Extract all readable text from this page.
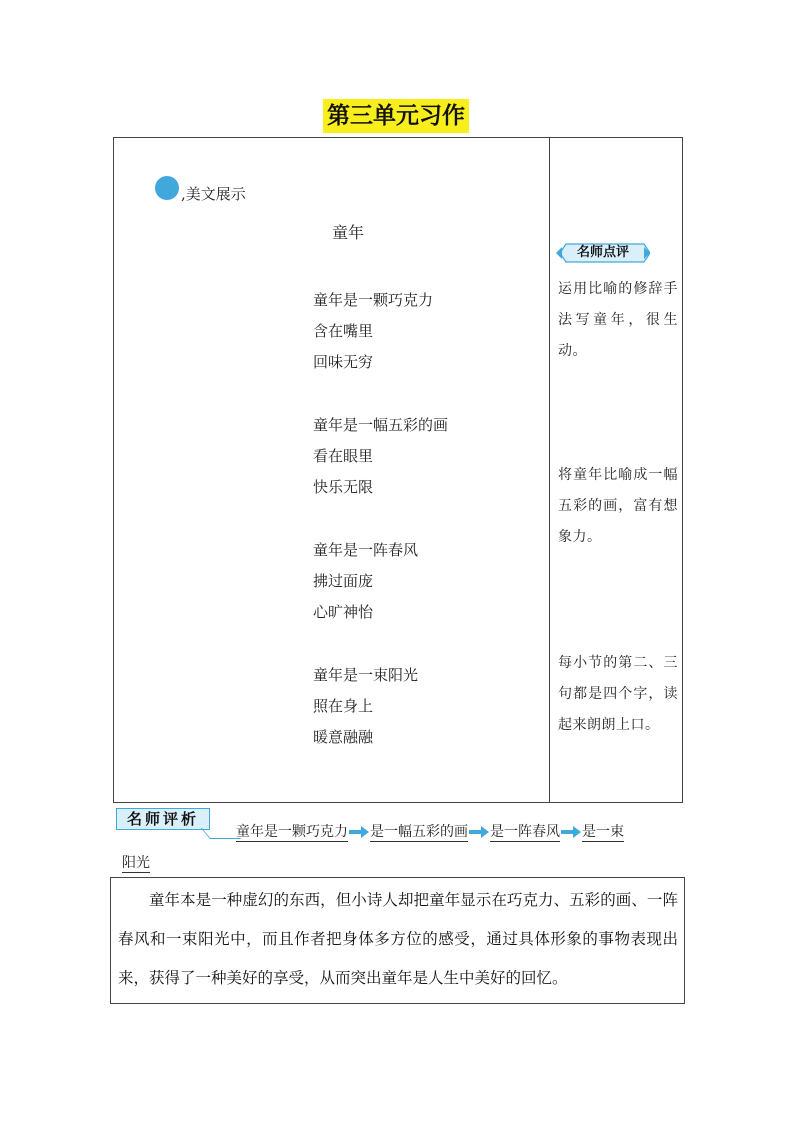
第三单元习作
,美文展示
童年
童年是一颗巧克力
含在嘴里
回味无穷
童年是一幅五彩的画
看在眼里
快乐无限
童年是一阵春风
拂过面庞
心旷神怡
童年是一束阳光
照在身上
暖意融融
名师点评
运用比喻的修辞手法写童年，很生动。
将童年比喻成一幅五彩的画，富有想象力。
每小节的第二、三句都是四个字，读起来朗朗上口。
名师评析
童年是一颗巧克力 是一幅五彩的画 是一阵春风 是一束
阳光
童年本是一种虚幻的东西，但小诗人却把童年显示在巧克力、五彩的画、一阵春风和一束阳光中，而且作者把身体多方位的感受，通过具体形象的事物表现出来，获得了一种美好的享受，从而突出童年是人生中美好的回忆。
